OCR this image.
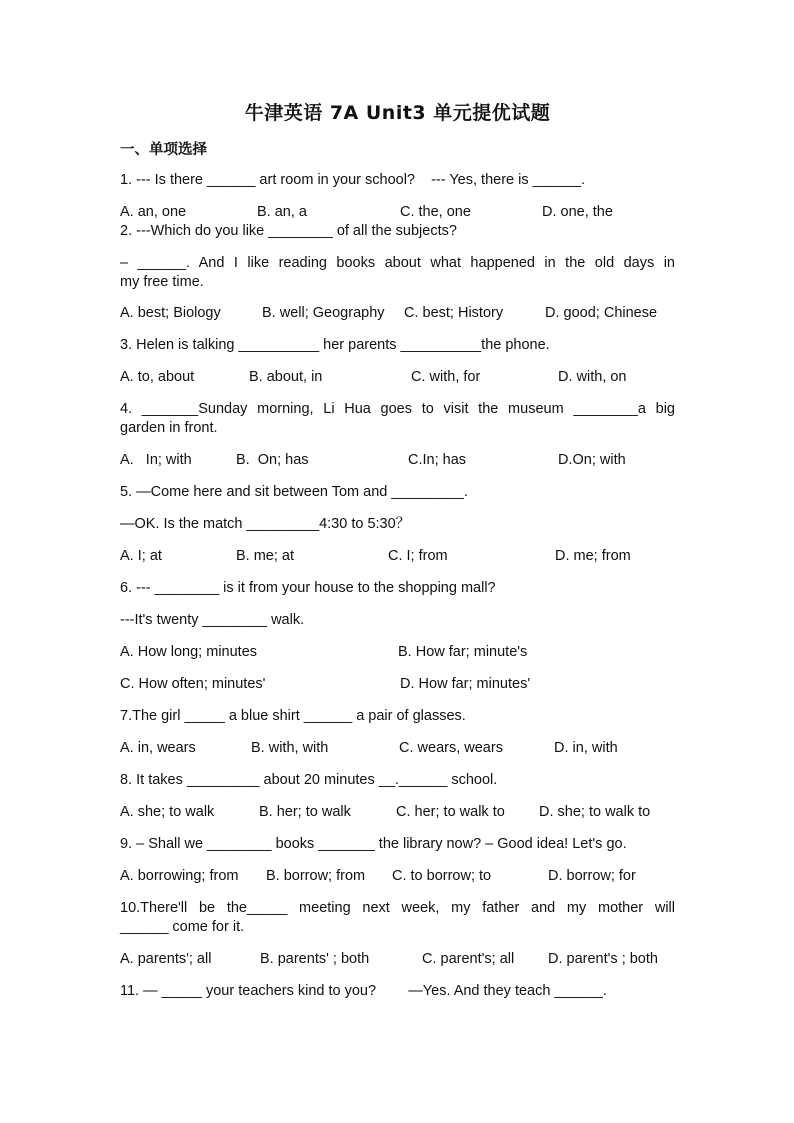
牛津英语 7A Unit3 单元提优试题
一、单项选择
1. --- Is there ______ art room in your school?    --- Yes, there is ______.
A. an, one	B. an, a	C. the, one	D. one, the
2. ---Which do you like ________ of all the subjects?
– ______. And I like reading books about what happened in the old days in
my free time.
A. best; Biology	B. well; Geography C. best; History	D. good; Chinese
3. Helen is talking __________ her parents __________the phone.
A. to, about	B. about, in	C. with, for	D. with, on
4. _______Sunday morning, Li Hua goes to visit the museum ________a big
garden in front.
A.   In; with	B.  On; has	C.In; has	D.On; with
5. —Come here and sit between Tom and _________.
—OK. Is the match _________4:30 to 5:30？
A. I; at	B. me; at	C. I; from	D. me; from
6. --- ________ is it from your house to the shopping mall?
---It's twenty ________ walk.
A. How long; minutes	B. How far; minute's
C. How often; minutes'	D. How far; minutes'
7.The girl _____ a blue shirt ______ a pair of glasses.
A. in, wears	B. with, with	C. wears, wears	D. in, with
8. It takes _________ about 20 minutes __.______ school.
A. she; to walk	B. her; to walk	C. her; to walk to D. she; to walk to
9. – Shall we ________ books _______ the library now? – Good idea! Let's go.
A. borrowing; from B. borrow; from C. to borrow; to	D. borrow; for
10.There'll be the_____ meeting next week, my father and my mother will
______ come for it.
A. parents'; all	B. parents' ; both	C. parent's; all D. parent's ; both
11. — _____ your teachers kind to you?        —Yes. And they teach ______.
